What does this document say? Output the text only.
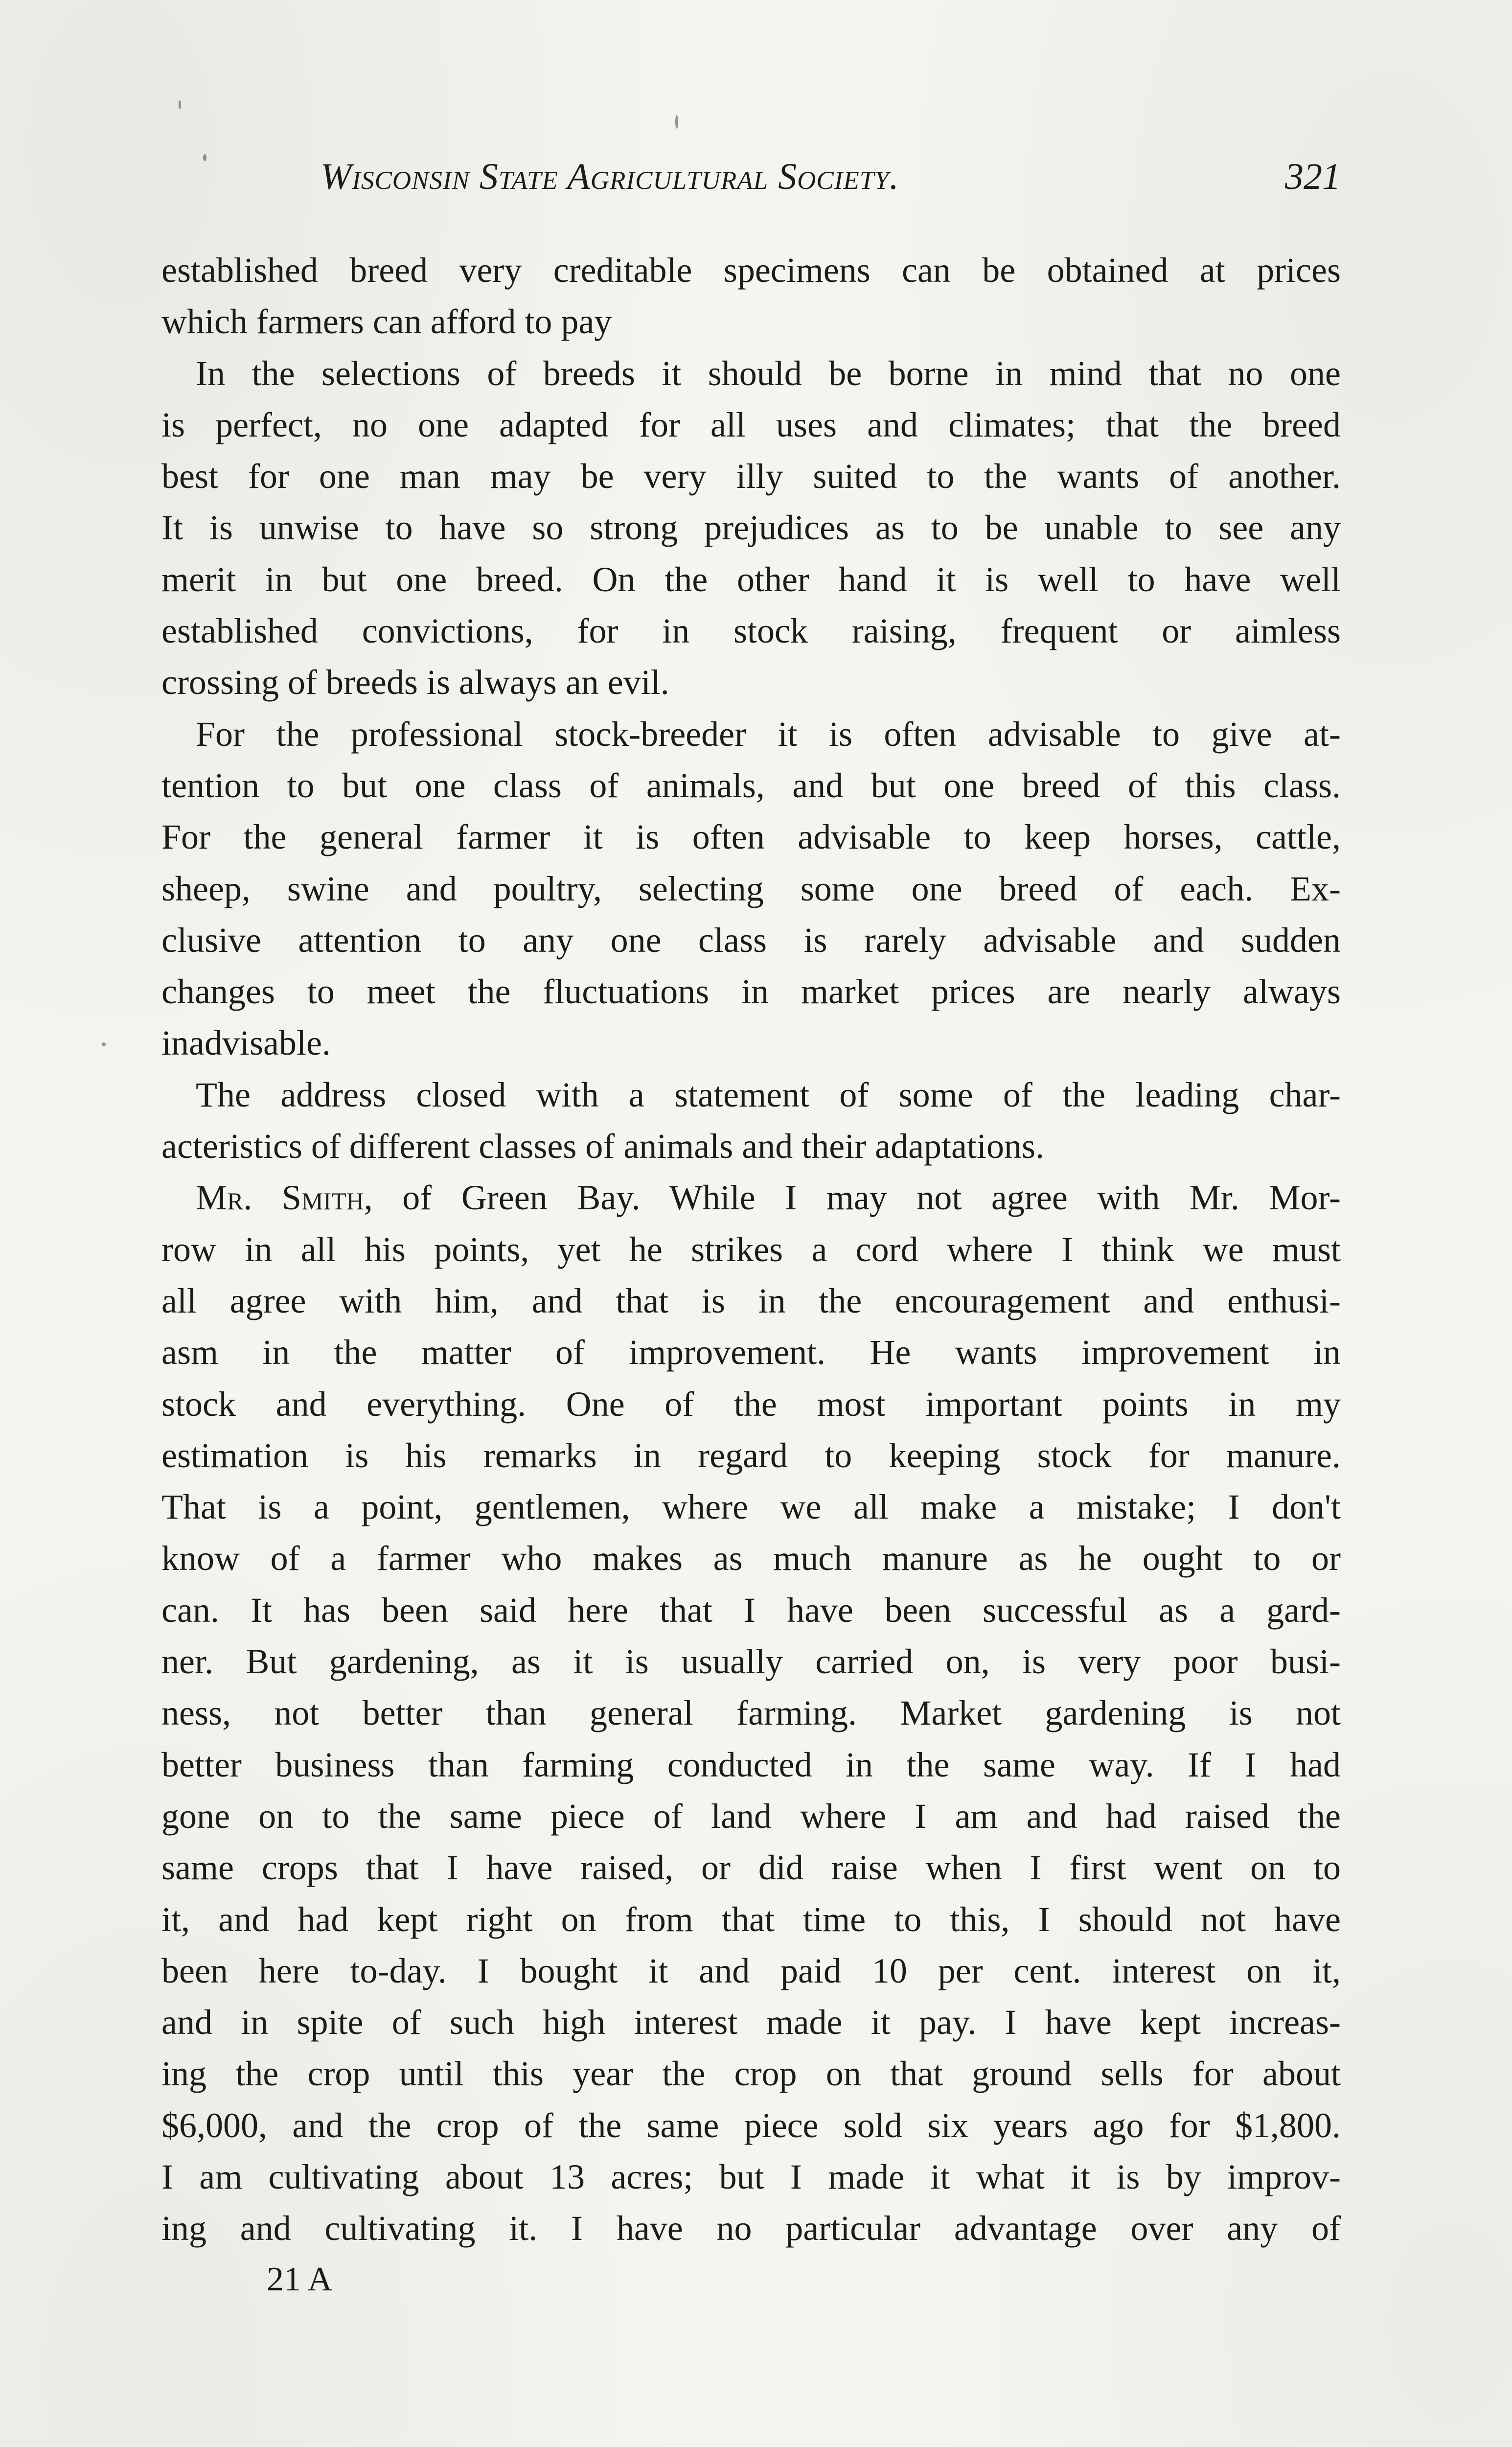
Wisconsin State Agricultural Society.	321
established breed very creditable specimens can be obtained at prices
which farmers can afford to pay
In the selections of breeds it should be borne in mind that no one
is perfect, no one adapted for all uses and climates; that the breed
best for one man may be very illy suited to the wants of another.
It is unwise to have so strong prejudices as to be unable to see any
merit in but one breed. On the other hand it is well to have well
established convictions, for in stock raising, frequent or aimless
crossing of breeds is always an evil.
For the professional stock-breeder it is often advisable to give at-
tention to but one class of animals, and but one breed of this class.
For the general farmer it is often advisable to keep horses, cattle,
sheep, swine and poultry, selecting some one breed of each. Ex-
clusive attention to any one class is rarely advisable and sudden
changes to meet the fluctuations in market prices are nearly always
inadvisable.
The address closed with a statement of some of the leading char-
acteristics of different classes of animals and their adaptations.
Mr. Smith, of Green Bay. While I may not agree with Mr. Mor-
row in all his points, yet he strikes a cord where I think we must
all agree with him, and that is in the encouragement and enthusi-
asm in the matter of improvement. He wants improvement in
stock and everything. One of the most important points in my
estimation is his remarks in regard to keeping stock for manure.
That is a point, gentlemen, where we all make a mistake; I don't
know of a farmer who makes as much manure as he ought to or
can. It has been said here that I have been successful as a gard-
ner. But gardening, as it is usually carried on, is very poor busi-
ness, not better than general farming. Market gardening is not
better business than farming conducted in the same way. If I had
gone on to the same piece of land where I am and had raised the
same crops that I have raised, or did raise when I first went on to
it, and had kept right on from that time to this, I should not have
been here to-day. I bought it and paid 10 per cent. interest on it,
and in spite of such high interest made it pay. I have kept increas-
ing the crop until this year the crop on that ground sells for about
$6,000, and the crop of the same piece sold six years ago for $1,800.
I am cultivating about 13 acres; but I made it what it is by improv-
ing and cultivating it. I have no particular advantage over any of
21 A
